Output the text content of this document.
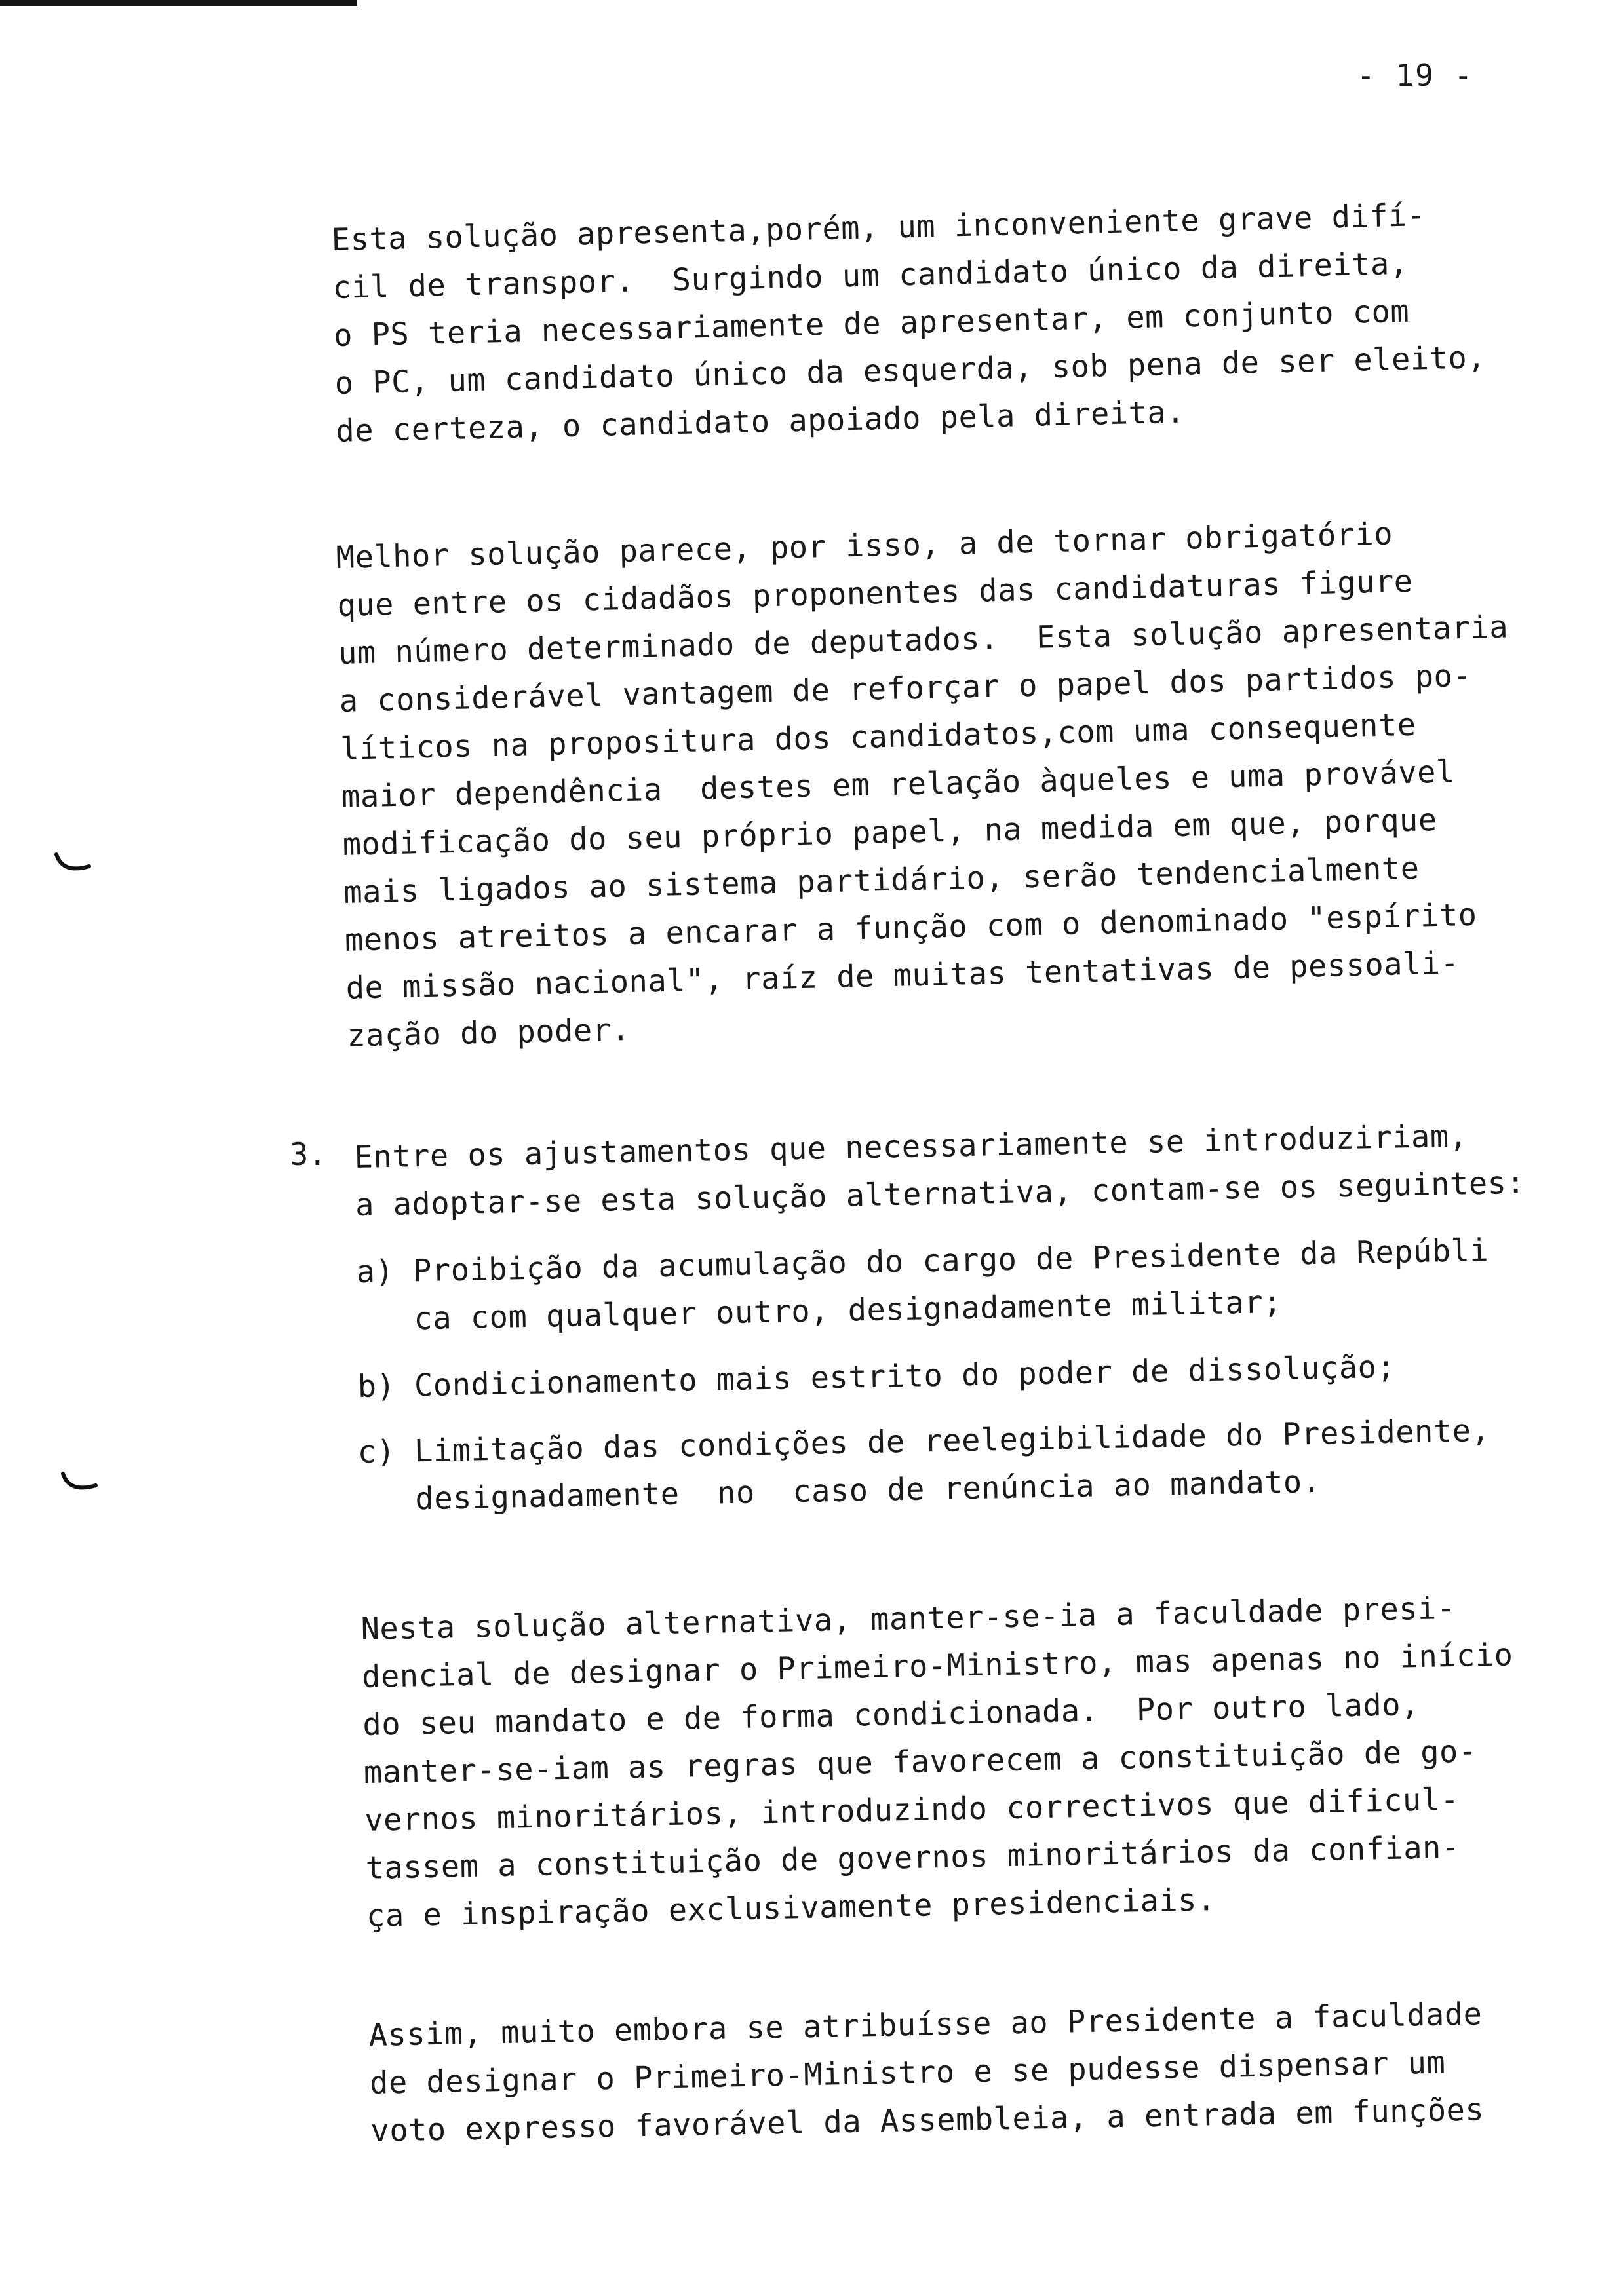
- 19 -
Esta solução apresenta,porém, um inconveniente grave difí-
cil de transpor.  Surgindo um candidato único da direita,
o PS teria necessariamente de apresentar, em conjunto com
o PC, um candidato único da esquerda, sob pena de ser eleito,
de certeza, o candidato apoiado pela direita.
Melhor solução parece, por isso, a de tornar obrigatório
que entre os cidadãos proponentes das candidaturas figure
um número determinado de deputados.  Esta solução apresentaria
a considerável vantagem de reforçar o papel dos partidos po-
líticos na propositura dos candidatos,com uma consequente
maior dependência  destes em relação àqueles e uma provável
modificação do seu próprio papel, na medida em que, porque
mais ligados ao sistema partidário, serão tendencialmente
menos atreitos a encarar a função com o denominado "espírito
de missão nacional", raíz de muitas tentativas de pessoali-
zação do poder.
3. Entre os ajustamentos que necessariamente se introduziriam,
a adoptar-se esta solução alternativa, contam-se os seguintes:
a) Proibição da acumulação do cargo de Presidente da Repúbli
ca com qualquer outro, designadamente militar;
b) Condicionamento mais estrito do poder de dissolução;
c) Limitação das condições de reelegibilidade do Presidente,
designadamente  no  caso de renúncia ao mandato.
Nesta solução alternativa, manter-se-ia a faculdade presi-
dencial de designar o Primeiro-Ministro, mas apenas no início
do seu mandato e de forma condicionada.  Por outro lado,
manter-se-iam as regras que favorecem a constituição de go-
vernos minoritários, introduzindo correctivos que dificul-
tassem a constituição de governos minoritários da confian-
ça e inspiração exclusivamente presidenciais.
Assim, muito embora se atribuísse ao Presidente a faculdade
de designar o Primeiro-Ministro e se pudesse dispensar um
voto expresso favorável da Assembleia, a entrada em funções
